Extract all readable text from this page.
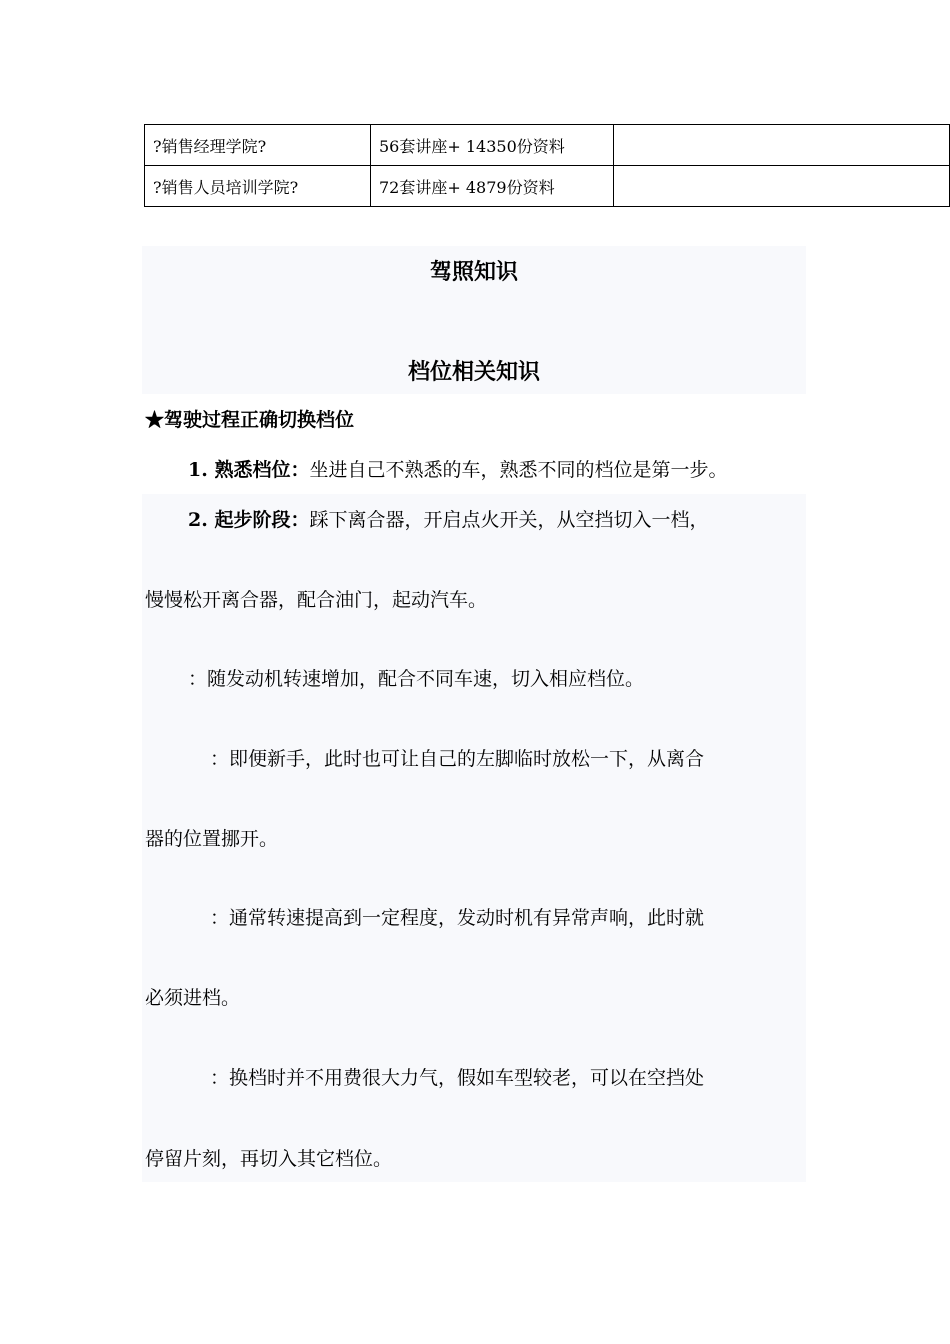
?销售经理学院?	56套讲座+ 14350份资料	
?销售人员培训学院?	72套讲座+ 4879份资料	
驾照知识
档位相关知识
★驾驶过程正确切换档位
1. 熟悉档位：坐进自己不熟悉的车，熟悉不同的档位是第一步。
2. 起步阶段：踩下离合器，开启点火开关，从空挡切入一档，
慢慢松开离合器，配合油门，起动汽车。
：随发动机转速增加，配合不同车速，切入相应档位。
：即便新手，此时也可让自己的左脚临时放松一下，从离合
器的位置挪开。
：通常转速提高到一定程度，发动时机有异常声响，此时就
必须进档。
：换档时并不用费很大力气，假如车型较老，可以在空挡处
停留片刻，再切入其它档位。
